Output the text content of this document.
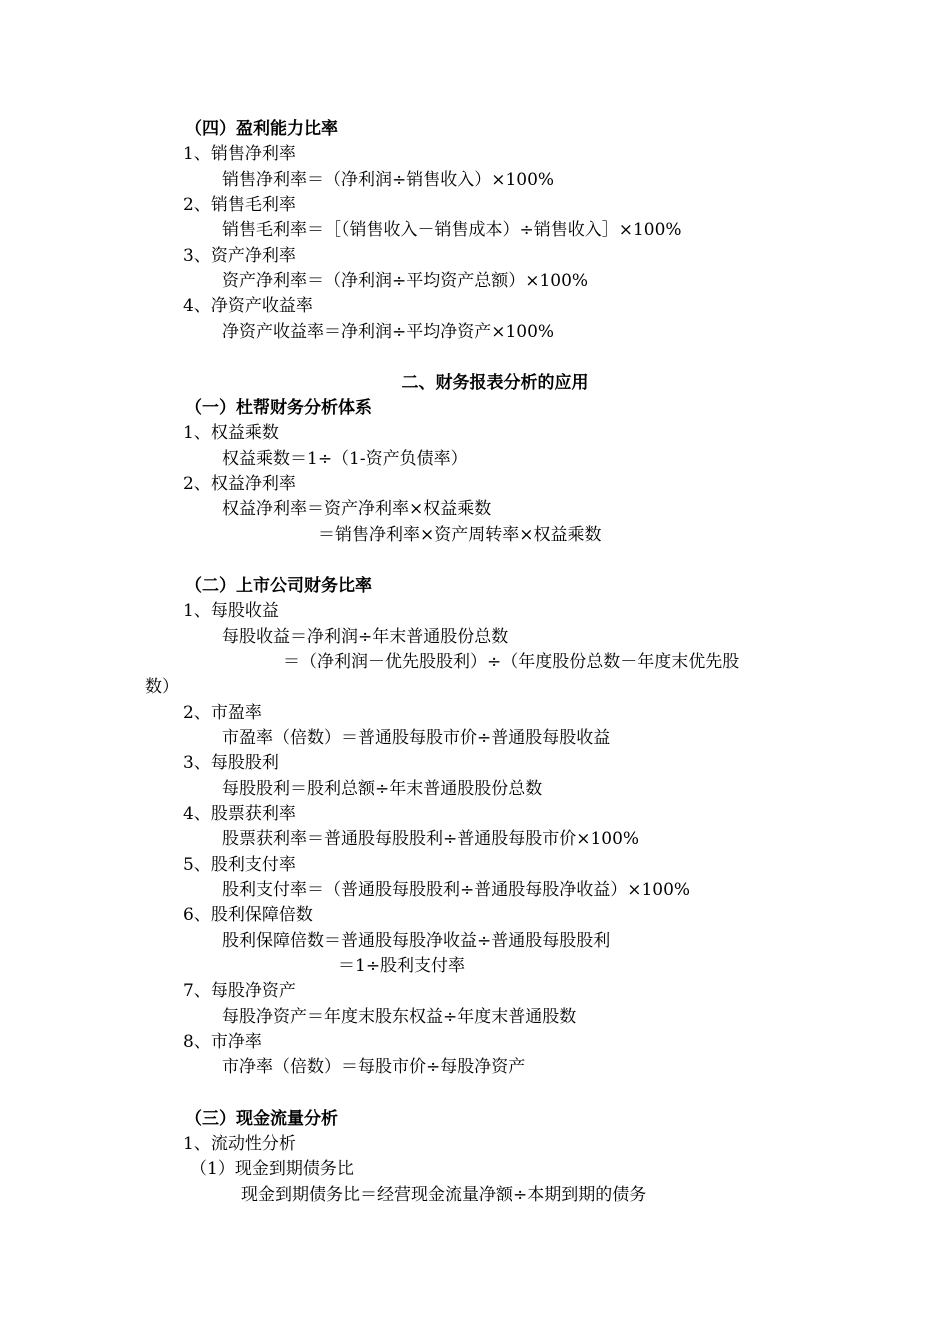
（四）盈利能力比率
1、销售净利率
销售净利率＝（净利润÷销售收入）×100%
2、销售毛利率
销售毛利率＝［（销售收入－销售成本）÷销售收入］×100%
3、资产净利率
资产净利率＝（净利润÷平均资产总额）×100%
4、净资产收益率
净资产收益率＝净利润÷平均净资产×100%
二、财务报表分析的应用
（一）杜帮财务分析体系
1、权益乘数
权益乘数＝1÷（1-资产负债率）
2、权益净利率
权益净利率＝资产净利率×权益乘数
＝销售净利率×资产周转率×权益乘数
（二）上市公司财务比率
1、每股收益
每股收益＝净利润÷年末普通股份总数
＝（净利润－优先股股利）÷（年度股份总数－年度末优先股
数）
2、市盈率
市盈率（倍数）＝普通股每股市价÷普通股每股收益
3、每股股利
每股股利＝股利总额÷年末普通股股份总数
4、股票获利率
股票获利率＝普通股每股股利÷普通股每股市价×100%
5、股利支付率
股利支付率＝（普通股每股股利÷普通股每股净收益）×100%
6、股利保障倍数
股利保障倍数＝普通股每股净收益÷普通股每股股利
＝1÷股利支付率
7、每股净资产
每股净资产＝年度末股东权益÷年度末普通股数
8、市净率
市净率（倍数）＝每股市价÷每股净资产
（三）现金流量分析
1、流动性分析
（1）现金到期债务比
现金到期债务比＝经营现金流量净额÷本期到期的债务
